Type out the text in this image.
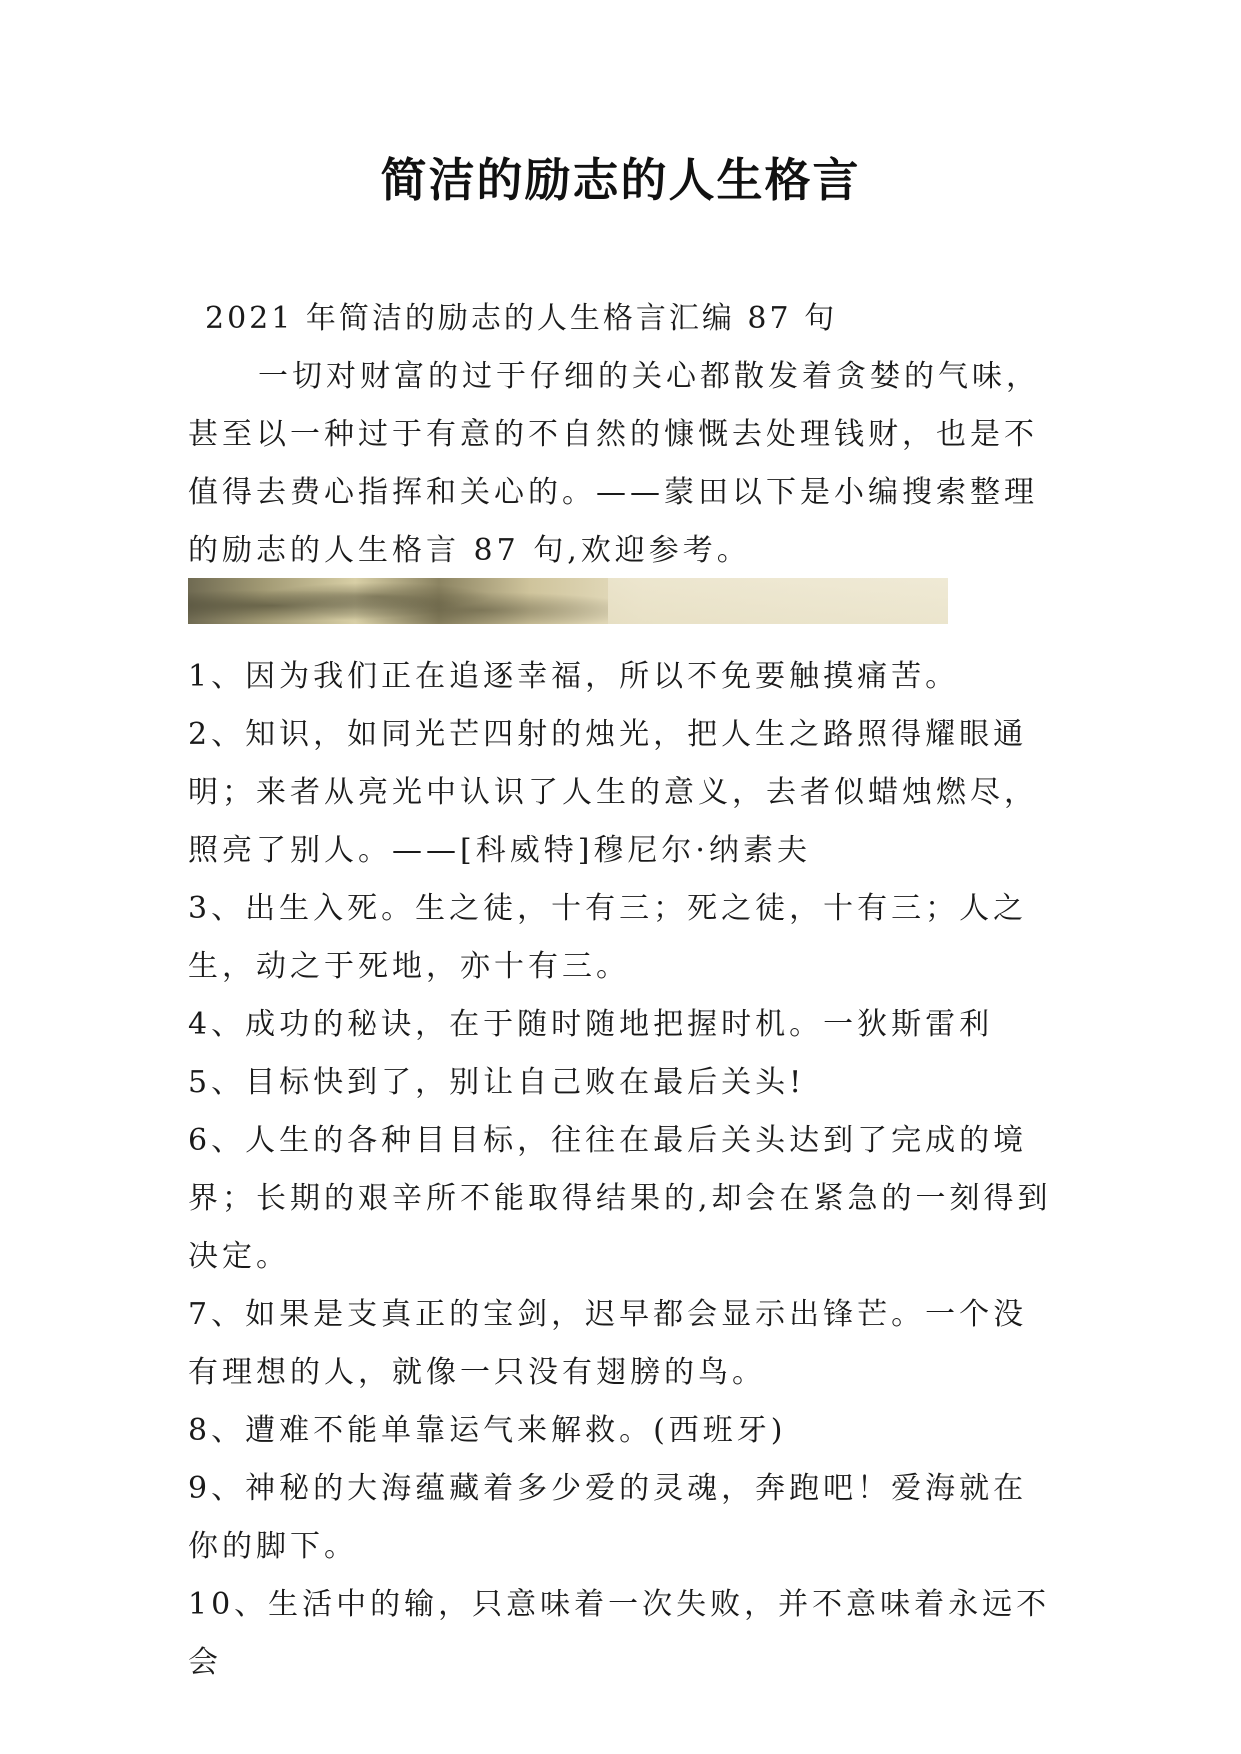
简洁的励志的人生格言
2021 年简洁的励志的人生格言汇编 87 句
一切对财富的过于仔细的关心都散发着贪婪的气味，甚至以一种过于有意的不自然的慷慨去处理钱财，也是不值得去费心指挥和关心的。——蒙田以下是小编搜索整理的励志的人生格言 87 句,欢迎参考。

1、因为我们正在追逐幸福，所以不免要触摸痛苦。

2、知识，如同光芒四射的烛光，把人生之路照得耀眼通明；来者从亮光中认识了人生的意义，去者似蜡烛燃尽，照亮了别人。——[科威特]穆尼尔·纳素夫

3、出生入死。生之徒，十有三；死之徒，十有三；人之生，动之于死地，亦十有三。

4、成功的秘诀，在于随时随地把握时机。一狄斯雷利

5、目标快到了，别让自己败在最后关头!

6、人生的各种目目标，往往在最后关头达到了完成的境界；长期的艰辛所不能取得结果的,却会在紧急的一刻得到决定。

7、如果是支真正的宝剑，迟早都会显示出锋芒。一个没有理想的人，就像一只没有翅膀的鸟。

8、遭难不能单靠运气来解救。(西班牙)

9、神秘的大海蕴藏着多少爱的灵魂，奔跑吧！爱海就在你的脚下。

10、生活中的输，只意味着一次失败，并不意味着永远不会
